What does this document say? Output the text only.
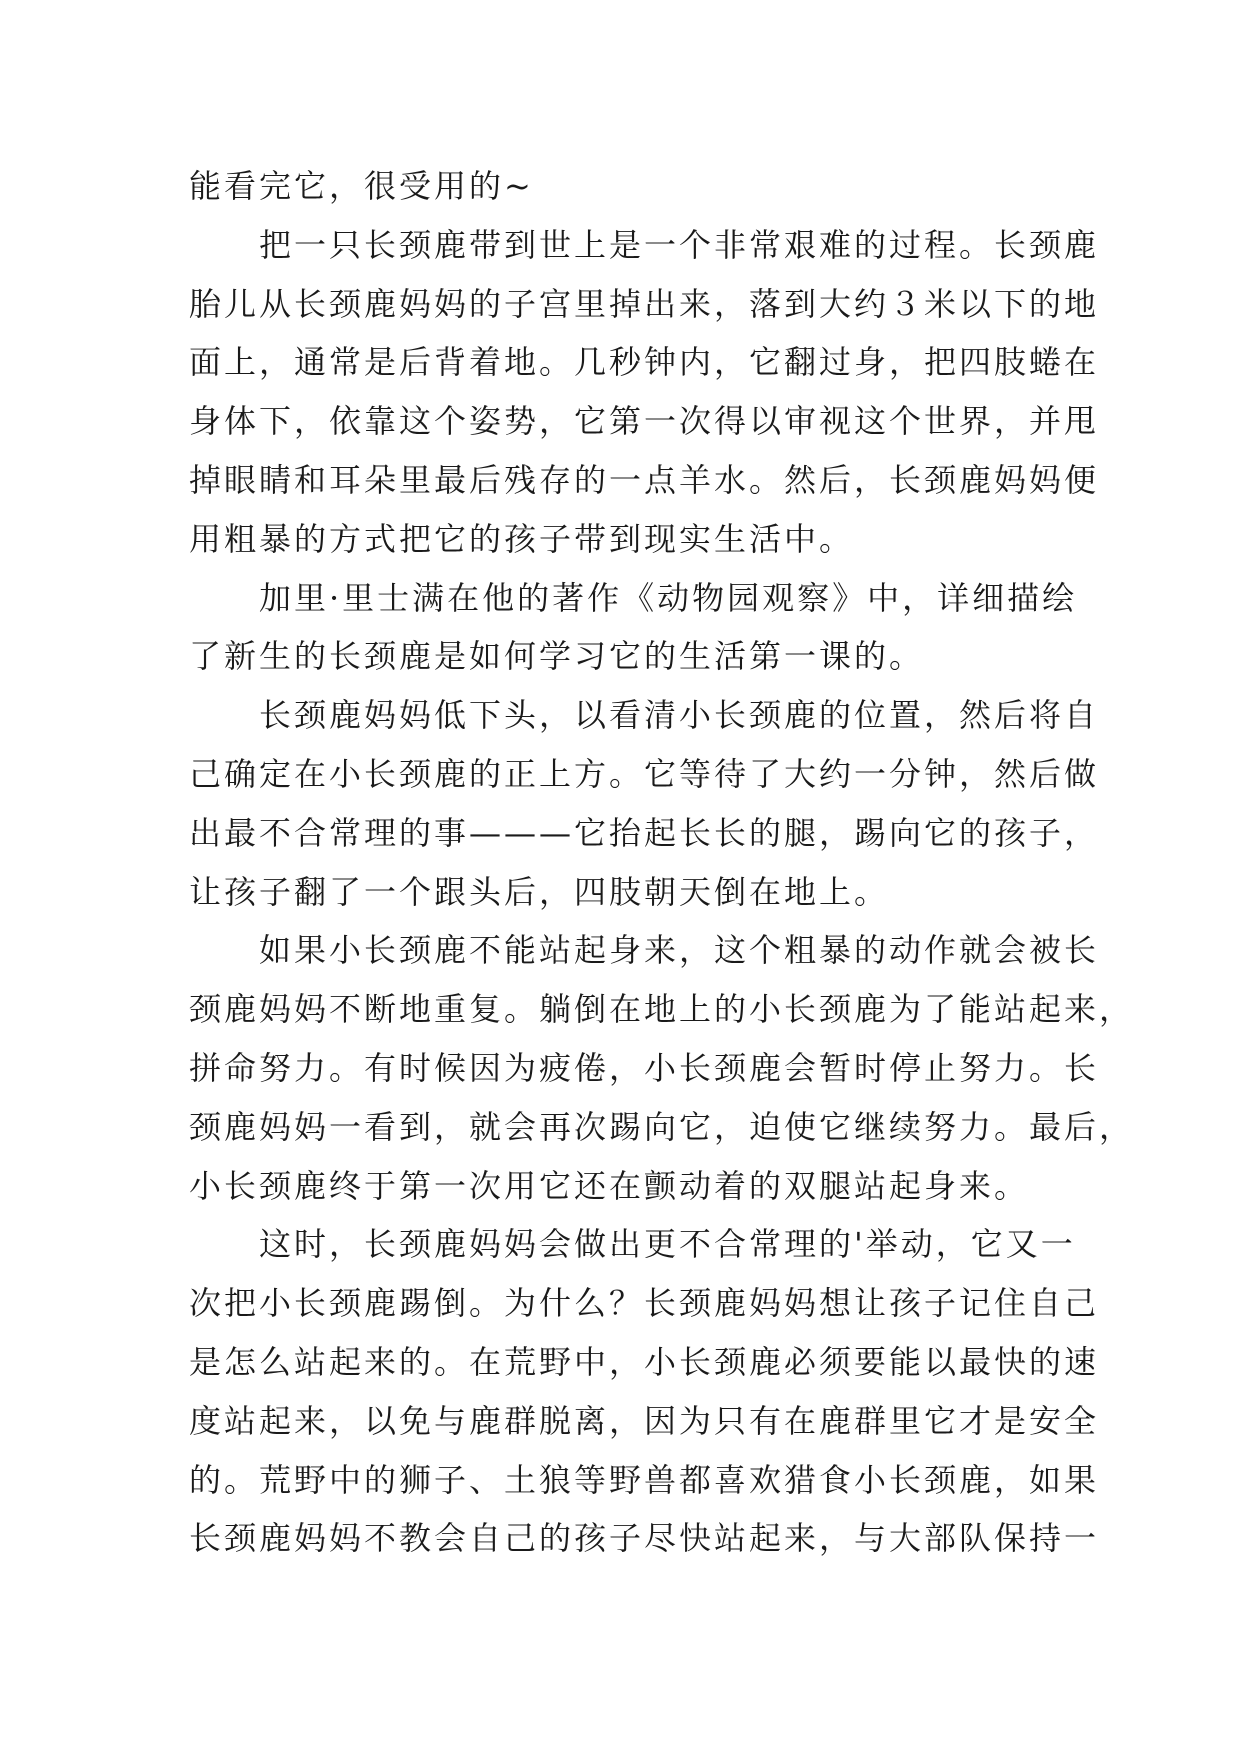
能看完它，很受用的~
　　把一只长颈鹿带到世上是一个非常艰难的过程。长颈鹿
胎儿从长颈鹿妈妈的子宫里掉出来，落到大约３米以下的地
面上，通常是后背着地。几秒钟内，它翻过身，把四肢蜷在
身体下，依靠这个姿势，它第一次得以审视这个世界，并甩
掉眼睛和耳朵里最后残存的一点羊水。然后，长颈鹿妈妈便
用粗暴的方式把它的孩子带到现实生活中。
　　加里·里士满在他的著作《动物园观察》中，详细描绘
了新生的长颈鹿是如何学习它的生活第一课的。
　　长颈鹿妈妈低下头，以看清小长颈鹿的位置，然后将自
己确定在小长颈鹿的正上方。它等待了大约一分钟，然后做
出最不合常理的事———它抬起长长的腿，踢向它的孩子，
让孩子翻了一个跟头后，四肢朝天倒在地上。
　　如果小长颈鹿不能站起身来，这个粗暴的动作就会被长
颈鹿妈妈不断地重复。躺倒在地上的小长颈鹿为了能站起来，
拼命努力。有时候因为疲倦，小长颈鹿会暂时停止努力。长
颈鹿妈妈一看到，就会再次踢向它，迫使它继续努力。最后，
小长颈鹿终于第一次用它还在颤动着的双腿站起身来。
　　这时，长颈鹿妈妈会做出更不合常理的'举动，它又一
次把小长颈鹿踢倒。为什么？长颈鹿妈妈想让孩子记住自己
是怎么站起来的。在荒野中，小长颈鹿必须要能以最快的速
度站起来，以免与鹿群脱离，因为只有在鹿群里它才是安全
的。荒野中的狮子、土狼等野兽都喜欢猎食小长颈鹿，如果
长颈鹿妈妈不教会自己的孩子尽快站起来，与大部队保持一
